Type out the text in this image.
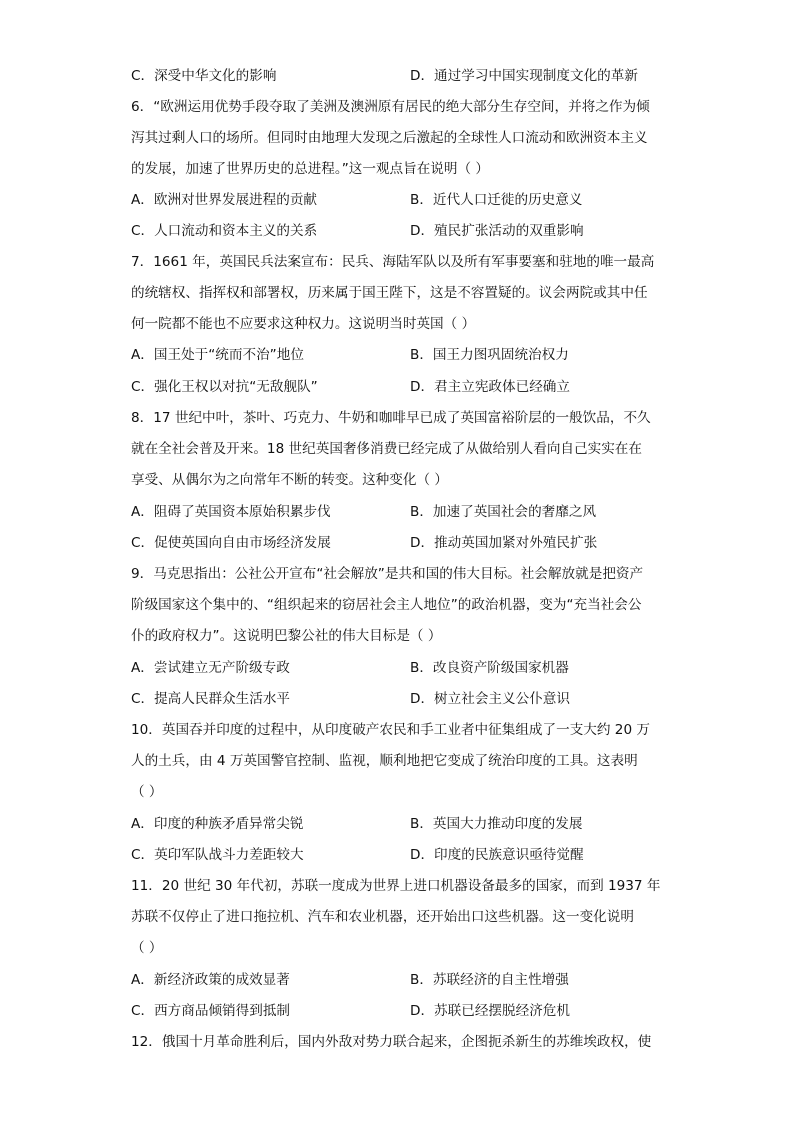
C．深受中华文化的影响	D．通过学习中国实现制度文化的革新
6．“欧洲运用优势手段夺取了美洲及澳洲原有居民的绝大部分生存空间，并将之作为倾
泻其过剩人口的场所。但同时由地理大发现之后激起的全球性人口流动和欧洲资本主义
的发展，加速了世界历史的总进程。”这一观点旨在说明（ ）
A．欧洲对世界发展进程的贡献	B．近代人口迁徙的历史意义
C．人口流动和资本主义的关系	D．殖民扩张活动的双重影响
7．1661 年，英国民兵法案宣布：民兵、海陆军队以及所有军事要塞和驻地的唯一最高
的统辖权、指挥权和部署权，历来属于国王陛下，这是不容置疑的。议会两院或其中任
何一院都不能也不应要求这种权力。这说明当时英国（ ）
A．国王处于“统而不治”地位	B．国王力图巩固统治权力
C．强化王权以对抗“无敌舰队”	D．君主立宪政体已经确立
8．17 世纪中叶，茶叶、巧克力、牛奶和咖啡早已成了英国富裕阶层的一般饮品，不久
就在全社会普及开来。18 世纪英国奢侈消费已经完成了从做给别人看向自己实实在在
享受、从偶尔为之向常年不断的转变。这种变化（ ）
A．阻碍了英国资本原始积累步伐	B．加速了英国社会的奢靡之风
C．促使英国向自由市场经济发展	D．推动英国加紧对外殖民扩张
9．马克思指出：公社公开宣布“社会解放”是共和国的伟大目标。社会解放就是把资产
阶级国家这个集中的、“组织起来的窃居社会主人地位”的政治机器，变为“充当社会公
仆的政府权力”。这说明巴黎公社的伟大目标是（ ）
A．尝试建立无产阶级专政	B．改良资产阶级国家机器
C．提高人民群众生活水平	D．树立社会主义公仆意识
10．英国吞并印度的过程中，从印度破产农民和手工业者中征集组成了一支大约 20 万
人的土兵，由 4 万英国警官控制、监视，顺利地把它变成了统治印度的工具。这表明
（ ）
A．印度的种族矛盾异常尖锐	B．英国大力推动印度的发展
C．英印军队战斗力差距较大	D．印度的民族意识亟待觉醒
11．20 世纪 30 年代初，苏联一度成为世界上进口机器设备最多的国家，而到 1937 年
苏联不仅停止了进口拖拉机、汽车和农业机器，还开始出口这些机器。这一变化说明
（ ）
A．新经济政策的成效显著	B．苏联经济的自主性增强
C．西方商品倾销得到抵制	D．苏联已经摆脱经济危机
12．俄国十月革命胜利后，国内外敌对势力联合起来，企图扼杀新生的苏维埃政权，使
